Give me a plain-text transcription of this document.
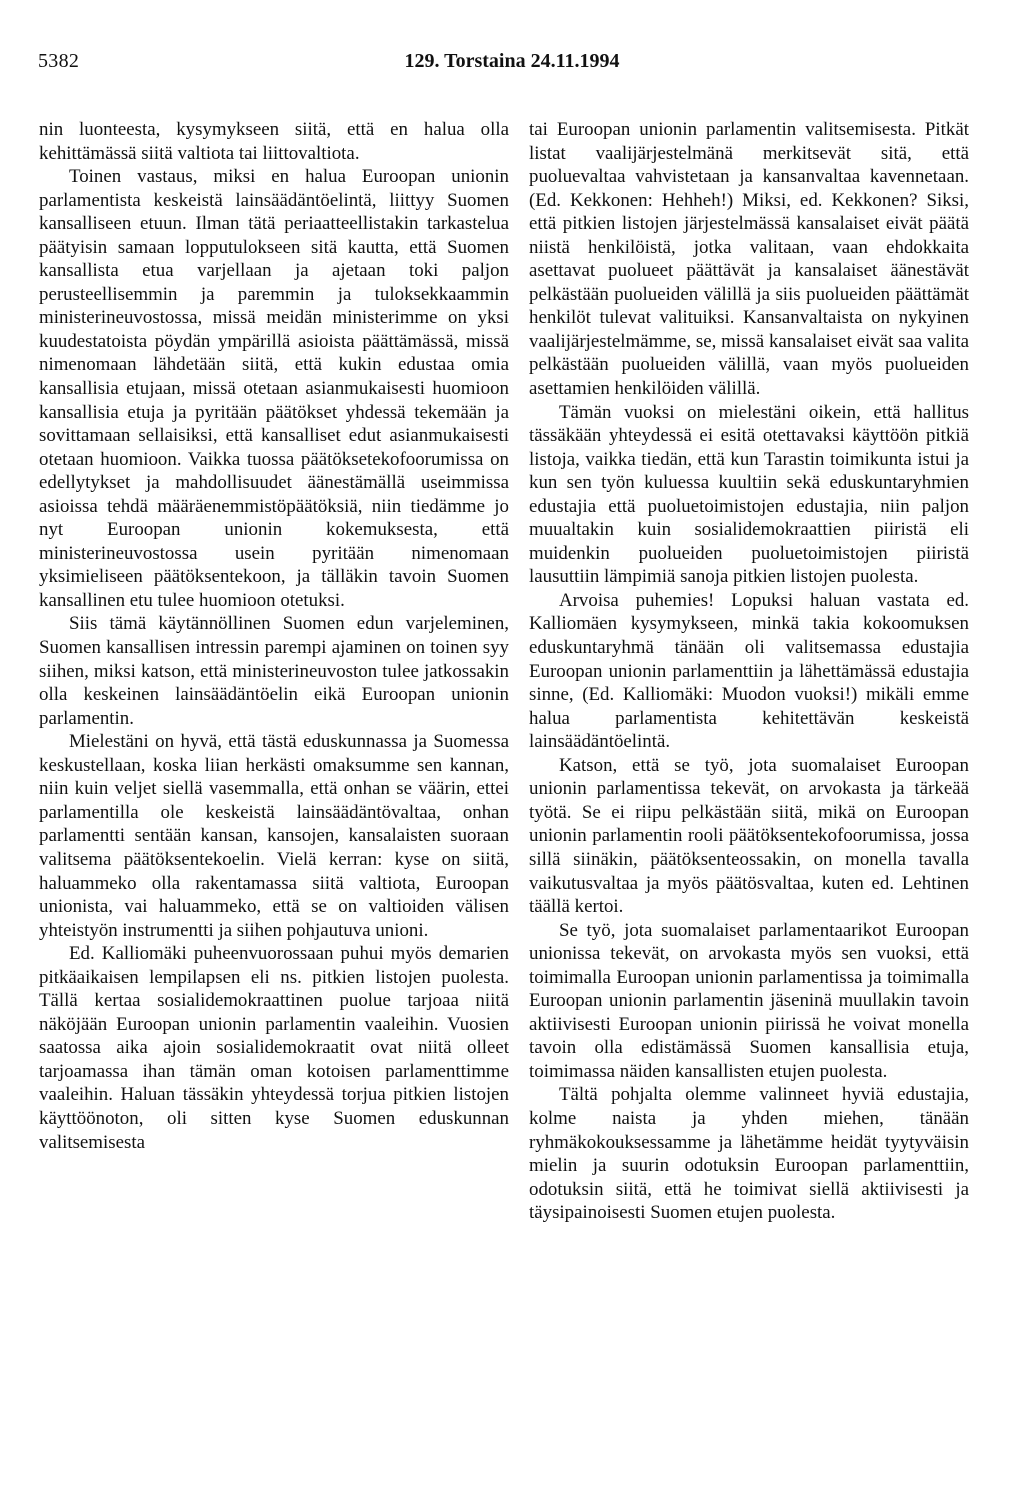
5382	129. Torstaina 24.11.1994

nin luonteesta, kysymykseen siitä, että en halua olla kehittämässä siitä valtiota tai liittovaltiota.

Toinen vastaus, miksi en halua Euroopan unionin parlamentista keskeistä lainsäädäntöelintä, liittyy Suomen kansalliseen etuun. Ilman tätä periaatteellistakin tarkastelua päätyisin samaan lopputulokseen sitä kautta, että Suomen kansallista etua varjellaan ja ajetaan toki paljon perusteellisemmin ja paremmin ja tuloksekkaammin ministerineuvostossa, missä meidän ministerimme on yksi kuudestatoista pöydän ympärillä asioista päättämässä, missä nimenomaan lähdetään siitä, että kukin edustaa omia kansallisia etujaan, missä otetaan asianmukaisesti huomioon kansallisia etuja ja pyritään päätökset yhdessä tekemään ja sovittamaan sellaisiksi, että kansalliset edut asianmukaisesti otetaan huomioon. Vaikka tuossa päätöksetekofoorumissa on edellytykset ja mahdollisuudet äänestämällä useimmissa asioissa tehdä määräenemmistöpäätöksiä, niin tiedämme jo nyt Euroopan unionin kokemuksesta, että ministerineuvostossa usein pyritään nimenomaan yksimieliseen päätöksentekoon, ja tälläkin tavoin Suomen kansallinen etu tulee huomioon otetuksi.

Siis tämä käytännöllinen Suomen edun varjeleminen, Suomen kansallisen intressin parempi ajaminen on toinen syy siihen, miksi katson, että ministerineuvoston tulee jatkossakin olla keskeinen lainsäädäntöelin eikä Euroopan unionin parlamentin.

Mielestäni on hyvä, että tästä eduskunnassa ja Suomessa keskustellaan, koska liian herkästi omaksumme sen kannan, niin kuin veljet siellä vasemmalla, että onhan se väärin, ettei parlamentilla ole keskeistä lainsäädäntövaltaa, onhan parlamentti sentään kansan, kansojen, kansalaisten suoraan valitsema päätöksentekoelin. Vielä kerran: kyse on siitä, haluammeko olla rakentamassa siitä valtiota, Euroopan unionista, vai haluammeko, että se on valtioiden välisen yhteistyön instrumentti ja siihen pohjautuva unioni.

Ed. Kalliomäki puheenvuorossaan puhui myös demarien pitkäaikaisen lempilapsen eli ns. pitkien listojen puolesta. Tällä kertaa sosialidemokraattinen puolue tarjoaa niitä näköjään Euroopan unionin parlamentin vaaleihin. Vuosien saatossa aika ajoin sosialidemokraatit ovat niitä olleet tarjoamassa ihan tämän oman kotoisen parlamenttimme vaaleihin. Haluan tässäkin yhteydessä torjua pitkien listojen käyttöönoton, oli sitten kyse Suomen eduskunnan valitsemisesta

tai Euroopan unionin parlamentin valitsemisesta. Pitkät listat vaalijärjestelmänä merkitsevät sitä, että puoluevaltaa vahvistetaan ja kansanvaltaa kavennetaan. (Ed. Kekkonen: Hehheh!) Miksi, ed. Kekkonen? Siksi, että pitkien listojen järjestelmässä kansalaiset eivät päätä niistä henkilöistä, jotka valitaan, vaan ehdokkaita asettavat puolueet päättävät ja kansalaiset äänestävät pelkästään puolueiden välillä ja siis puolueiden päättämät henkilöt tulevat valituiksi. Kansanvaltaista on nykyinen vaalijärjestelmämme, se, missä kansalaiset eivät saa valita pelkästään puolueiden välillä, vaan myös puolueiden asettamien henkilöiden välillä.

Tämän vuoksi on mielestäni oikein, että hallitus tässäkään yhteydessä ei esitä otettavaksi käyttöön pitkiä listoja, vaikka tiedän, että kun Tarastin toimikunta istui ja kun sen työn kuluessa kuultiin sekä eduskuntaryhmien edustajia että puoluetoimistojen edustajia, niin paljon muualtakin kuin sosialidemokraattien piiristä eli muidenkin puolueiden puoluetoimistojen piiristä lausuttiin lämpimiä sanoja pitkien listojen puolesta.

Arvoisa puhemies! Lopuksi haluan vastata ed. Kalliomäen kysymykseen, minkä takia kokoomuksen eduskuntaryhmä tänään oli valitsemassa edustajia Euroopan unionin parlamenttiin ja lähettämässä edustajia sinne, (Ed. Kalliomäki: Muodon vuoksi!) mikäli emme halua parlamentista kehitettävän keskeistä lainsäädäntöelintä.

Katson, että se työ, jota suomalaiset Euroopan unionin parlamentissa tekevät, on arvokasta ja tärkeää työtä. Se ei riipu pelkästään siitä, mikä on Euroopan unionin parlamentin rooli päätöksentekofoorumissa, jossa sillä siinäkin, päätöksenteossakin, on monella tavalla vaikutusvaltaa ja myös päätösvaltaa, kuten ed. Lehtinen täällä kertoi.

Se työ, jota suomalaiset parlamentaarikot Euroopan unionissa tekevät, on arvokasta myös sen vuoksi, että toimimalla Euroopan unionin parlamentissa ja toimimalla Euroopan unionin parlamentin jäseninä muullakin tavoin aktiivisesti Euroopan unionin piirissä he voivat monella tavoin olla edistämässä Suomen kansallisia etuja, toimimassa näiden kansallisten etujen puolesta.

Tältä pohjalta olemme valinneet hyviä edustajia, kolme naista ja yhden miehen, tänään ryhmäkokouksessamme ja lähetämme heidät tyytyväisin mielin ja suurin odotuksin Euroopan parlamenttiin, odotuksin siitä, että he toimivat siellä aktiivisesti ja täysipainoisesti Suomen etujen puolesta.
